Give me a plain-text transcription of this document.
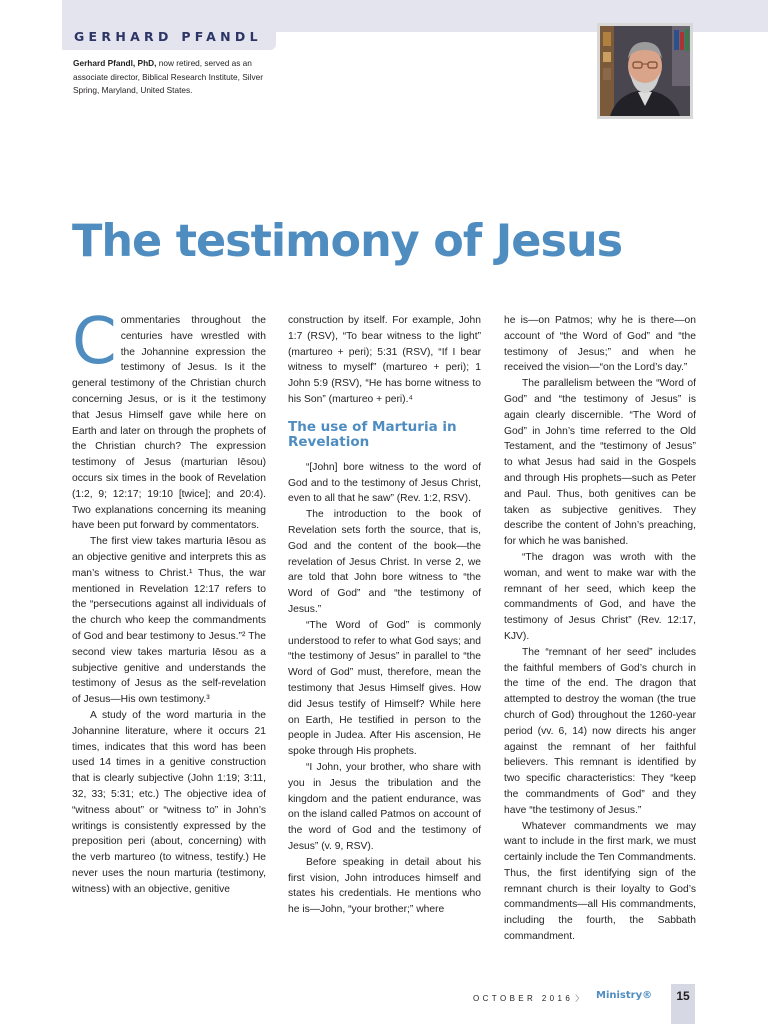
GERHARD PFANDL
Gerhard Pfandl, PhD, now retired, served as an associate director, Biblical Research Institute, Silver Spring, Maryland, United States.
The testimony of Jesus
C ommentaries throughout the centuries have wrestled with the Johannine expression the testimony of Jesus. Is it the general testimony of the Christian church concerning Jesus, or is it the testimony that Jesus Himself gave while here on Earth and later on through the prophets of the Christian church? The expression testimony of Jesus (marturian Iēsou) occurs six times in the book of Revelation (1:2, 9; 12:17; 19:10 [twice]; and 20:4). Two explanations concerning its meaning have been put forward by commentators.

The first view takes marturia Iēsou as an objective genitive and interprets this as man’s witness to Christ.¹ Thus, the war mentioned in Revelation 12:17 refers to the “persecutions against all individuals of the church who keep the commandments of God and bear testimony to Jesus.”² The second view takes marturia Iēsou as a subjective genitive and understands the testimony of Jesus as the self-revelation of Jesus—His own testimony.³

A study of the word marturia in the Johannine literature, where it occurs 21 times, indicates that this word has been used 14 times in a genitive construction that is clearly subjective (John 1:19; 3:11, 32, 33; 5:31; etc.) The objective idea of “witness about” or “witness to” in John’s writings is consistently expressed by the preposition peri (about, concerning) with the verb martureo (to witness, testify.) He never uses the noun marturia (testimony, witness) with an objective, genitive

construction by itself. For example, John 1:7 (RSV), “To bear witness to the light” (martureo + peri); 5:31 (RSV), “If I bear witness to myself” (martureo + peri); 1 John 5:9 (RSV), “He has borne witness to his Son” (martureo + peri).⁴

The use of Marturia in Revelation

“[John] bore witness to the word of God and to the testimony of Jesus Christ, even to all that he saw” (Rev. 1:2, RSV).

The introduction to the book of Revelation sets forth the source, that is, God and the content of the book—the revelation of Jesus Christ. In verse 2, we are told that John bore witness to “the Word of God” and “the testimony of Jesus.”

“The Word of God” is commonly understood to refer to what God says; and “the testimony of Jesus” in parallel to “the Word of God” must, therefore, mean the testimony that Jesus Himself gives. How did Jesus testify of Himself? While here on Earth, He testified in person to the people in Judea. After His ascension, He spoke through His prophets.

“I John, your brother, who share with you in Jesus the tribulation and the kingdom and the patient endurance, was on the island called Patmos on account of the word of God and the testimony of Jesus” (v. 9, RSV).

Before speaking in detail about his first vision, John introduces himself and states his credentials. He mentions who he is—John, “your brother;” where

he is—on Patmos; why he is there—on account of “the Word of God” and “the testimony of Jesus;” and when he received the vision—“on the Lord’s day.”

The parallelism between the “Word of God” and “the testimony of Jesus” is again clearly discernible. “The Word of God” in John’s time referred to the Old Testament, and the “testimony of Jesus” to what Jesus had said in the Gospels and through His prophets—such as Peter and Paul. Thus, both genitives can be taken as subjective genitives. They describe the content of John’s preaching, for which he was banished.

“The dragon was wroth with the woman, and went to make war with the remnant of her seed, which keep the commandments of God, and have the testimony of Jesus Christ” (Rev. 12:17, KJV).

The “remnant of her seed” includes the faithful members of God’s church in the time of the end. The dragon that attempted to destroy the woman (the true church of God) throughout the 1260-year period (vv. 6, 14) now directs his anger against the remnant of her faithful believers. This remnant is identified by two specific characteristics: They “keep the commandments of God” and they have “the testimony of Jesus.”

Whatever commandments we may want to include in the first mark, we must certainly include the Ten Commandments. Thus, the first identifying sign of the remnant church is their loyalty to God’s commandments—all His commandments, including the fourth, the Sabbath commandment.

OCTOBER 2016 〉 Ministry®	15
